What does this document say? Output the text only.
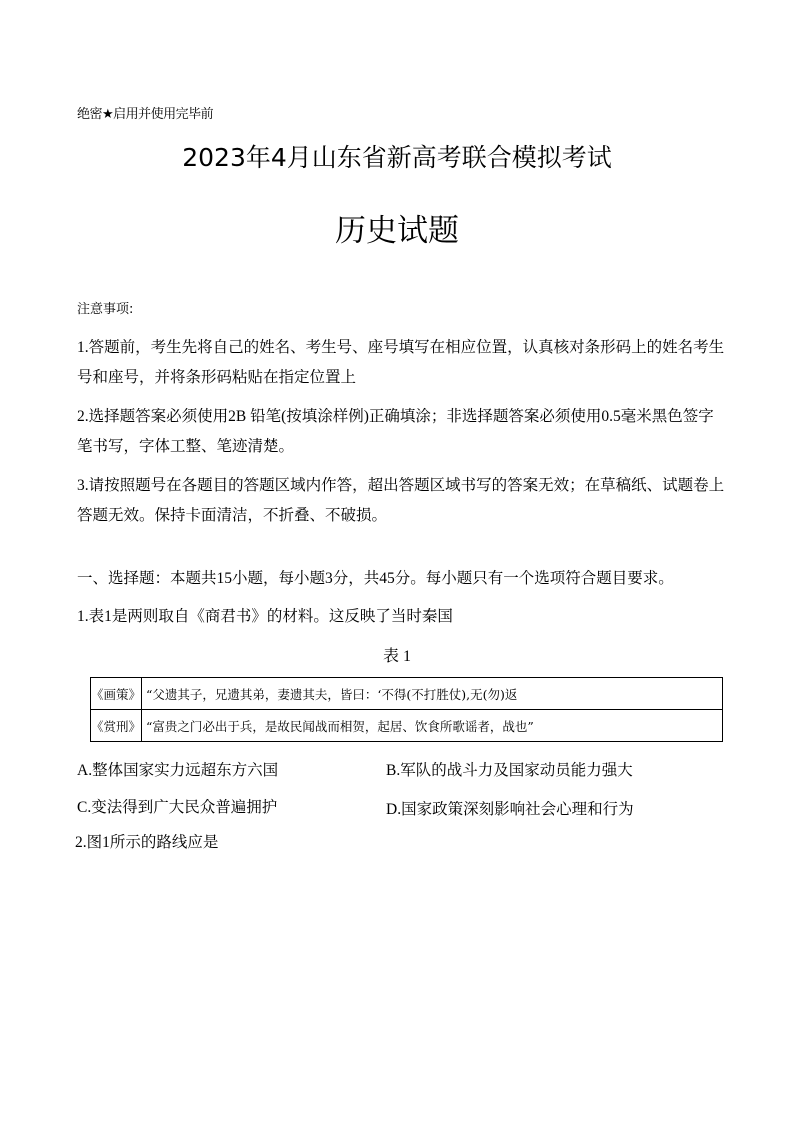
绝密★启用并使用完毕前
2023年4月山东省新高考联合模拟考试
历史试题
注意事项:
1.答题前，考生先将自己的姓名、考生号、座号填写在相应位置，认真核对条形码上的姓名考生号和座号，并将条形码粘贴在指定位置上
2.选择题答案必须使用2B 铅笔(按填涂样例)正确填涂；非选择题答案必须使用0.5毫米黑色签字笔书写，字体工整、笔迹清楚。
3.请按照题号在各题目的答题区域内作答，超出答题区域书写的答案无效；在草稿纸、试题卷上答题无效。保持卡面清洁，不折叠、不破损。
一、选择题：本题共15小题，每小题3分，共45分。每小题只有一个选项符合题目要求。
1.表1是两则取自《商君书》的材料。这反映了当时秦国
表 1
《画策》	“父遗其子，兄遗其弟，妻遗其夫，皆曰：‘不得(不打胜仗),无(勿)返
《赏刑》	“富贵之门必出于兵，是故民闻战而相贺，起居、饮食所歌谣者，战也”
A.整体国家实力远超东方六国	B.军队的战斗力及国家动员能力强大
C.变法得到广大民众普遍拥护	D.国家政策深刻影响社会心理和行为
2.图1所示的路线应是
